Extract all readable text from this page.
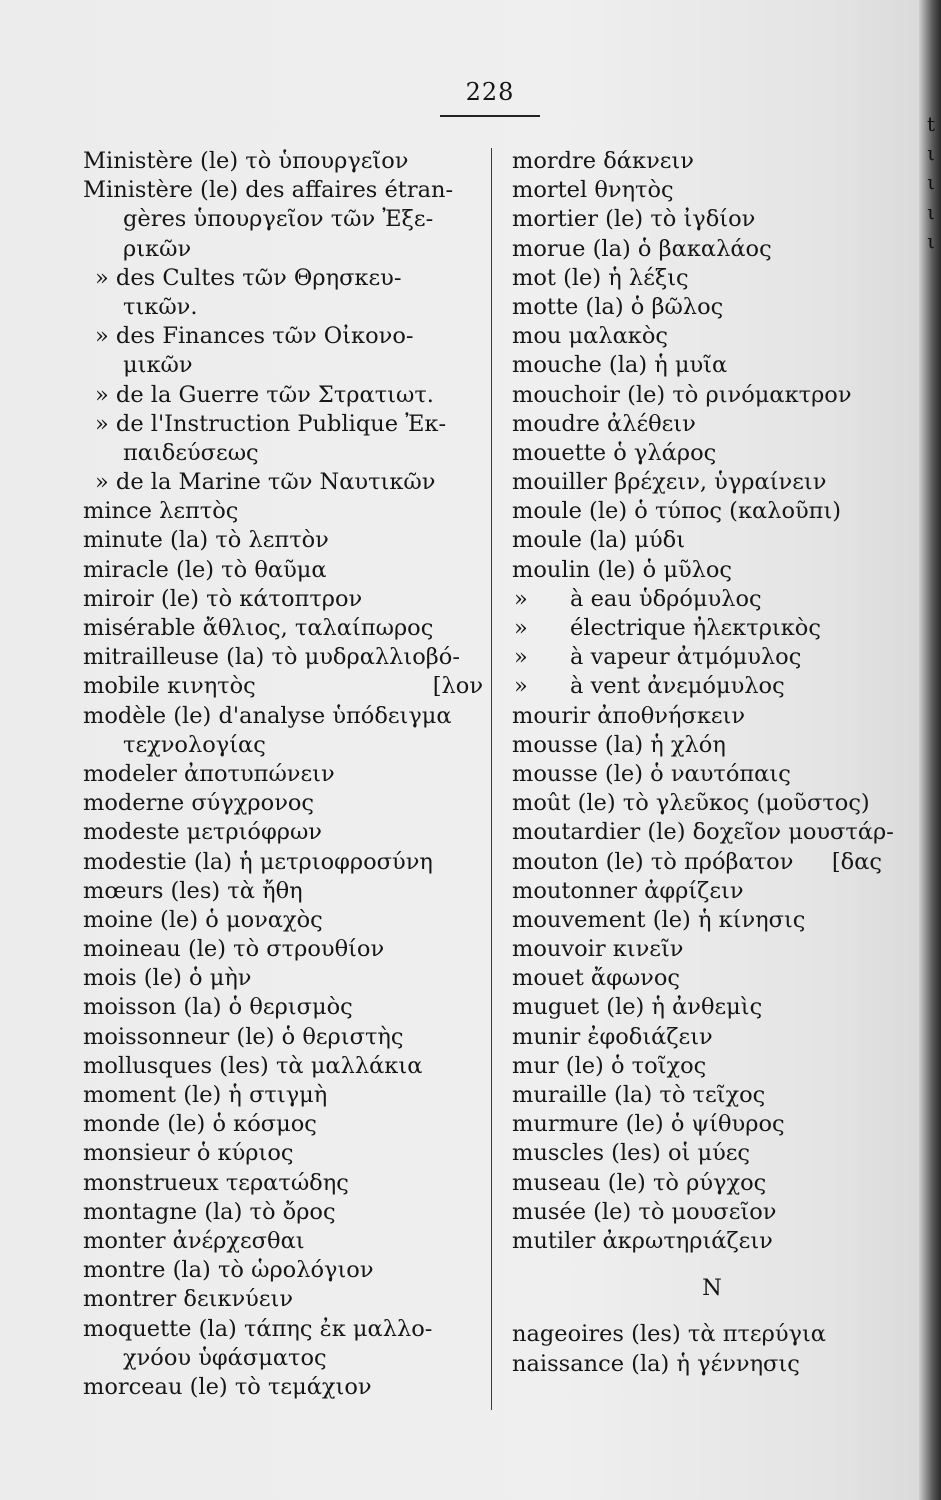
t
ι
ι
ι
ι
228
Ministère (le) τὸ ὑπουργεῖον
Ministère (le) des affaires étran-
gères ὑπουργεῖον τῶν Ἐξε-
ρικῶν
» des Cultes τῶν Θρησκευ-
τικῶν.
» des Finances τῶν Οἰκονο-
μικῶν
» de la Guerre τῶν Στρατιωτ.
» de l'Instruction Publique Ἐκ-
παιδεύσεως
» de la Marine τῶν Ναυτικῶν
mince λεπτὸς
minute (la) τὸ λεπτὸν
miracle (le) τὸ θαῦμα
miroir (le) τὸ κάτοπτρον
misérable ἄθλιος, ταλαίπωρος
mitrailleuse (la) τὸ μυδραλλιοβό-
mobile κινητὸς	[λον
modèle (le) d'analyse ὑπόδειγμα
τεχνολογίας
modeler ἀποτυπώνειν
moderne σύγχρονος
modeste μετριόφρων
modestie (la) ἡ μετριοφροσύνη
mœurs (les) τὰ ἤθη
moine (le) ὁ μοναχὸς
moineau (le) τὸ στρουθίον
mois (le) ὁ μὴν
moisson (la) ὁ θερισμὸς
moissonneur (le) ὁ θεριστὴς
mollusques (les) τὰ μαλλάκια
moment (le) ἡ στιγμὴ
monde (le) ὁ κόσμος
monsieur ὁ κύριος
monstrueux τερατώδης
montagne (la) τὸ ὄρος
monter ἀνέρχεσθαι
montre (la) τὸ ὡρολόγιον
montrer δεικνύειν
moquette (la) τάπης ἐκ μαλλο-
χνόου ὑφάσματος
morceau (le) τὸ τεμάχιον
mordre δάκνειν
mortel θνητὸς
mortier (le) τὸ ἰγδίον
morue (la) ὁ βακαλάος
mot (le) ἡ λέξις
motte (la) ὁ βῶλος
mou μαλακὸς
mouche (la) ἡ μυῖα
mouchoir (le) τὸ ρινόμακτρον
moudre ἀλέθειν
mouette ὁ γλάρος
mouiller βρέχειν, ὑγραίνειν
moule (le) ὁ τύπος (καλοῦπι)
moule (la) μύδι
moulin (le) ὁ μῦλος
» à eau ὑδρόμυλος
» électrique ἠλεκτρικὸς
» à vapeur ἀτμόμυλος
» à vent ἀνεμόμυλος
mourir ἀποθνήσκειν
mousse (la) ἡ χλόη
mousse (le) ὁ ναυτόπαις
moût (le) τὸ γλεῦκος (μοῦστος)
moutardier (le) δοχεῖον μουστάρ-
mouton (le) τὸ πρόβατον [δας
moutonner ἀφρίζειν
mouvement (le) ἡ κίνησις
mouvoir κινεῖν
mouet ἄφωνος
muguet (le) ἡ ἀνθεμὶς
munir ἐφοδιάζειν
mur (le) ὁ τοῖχος
muraille (la) τὸ τεῖχος
murmure (le) ὁ ψίθυρος
muscles (les) οἱ μύες
museau (le) τὸ ρύγχος
musée (le) τὸ μουσεῖον
mutiler ἀκρωτηριάζειν
N
nageoires (les) τὰ πτερύγια
naissance (la) ἡ γέννησις
